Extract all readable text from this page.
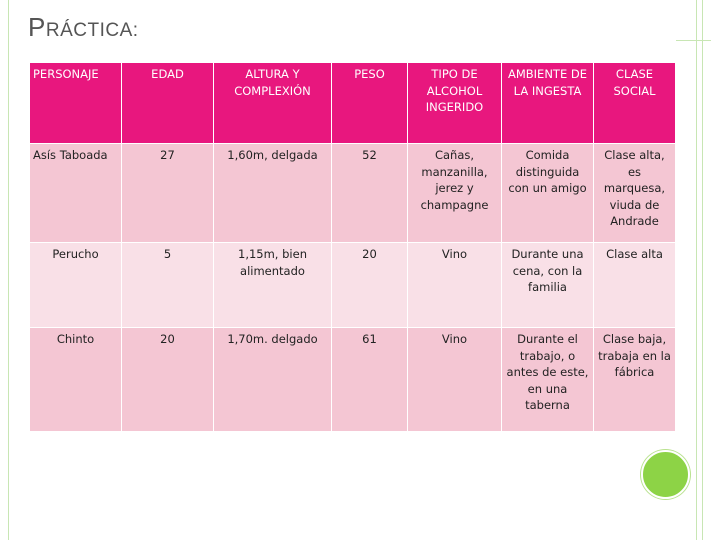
PRÁCTICA:
PERSONAJE	EDAD	ALTURA Y COMPLEXIÓN	PESO	TIPO DE ALCOHOL INGERIDO	AMBIENTE DE LA INGESTA	CLASE SOCIAL
Asís Taboada	27	1,60m, delgada	52	Cañas, manzanilla, jerez y champagne	Comida distinguida con un amigo	Clase alta, es marquesa, viuda de Andrade
Perucho	5	1,15m, bien alimentado	20	Vino	Durante una cena, con la familia	Clase alta
Chinto	20	1,70m. delgado	61	Vino	Durante el trabajo, o antes de este, en una taberna	Clase baja, trabaja en la fábrica
